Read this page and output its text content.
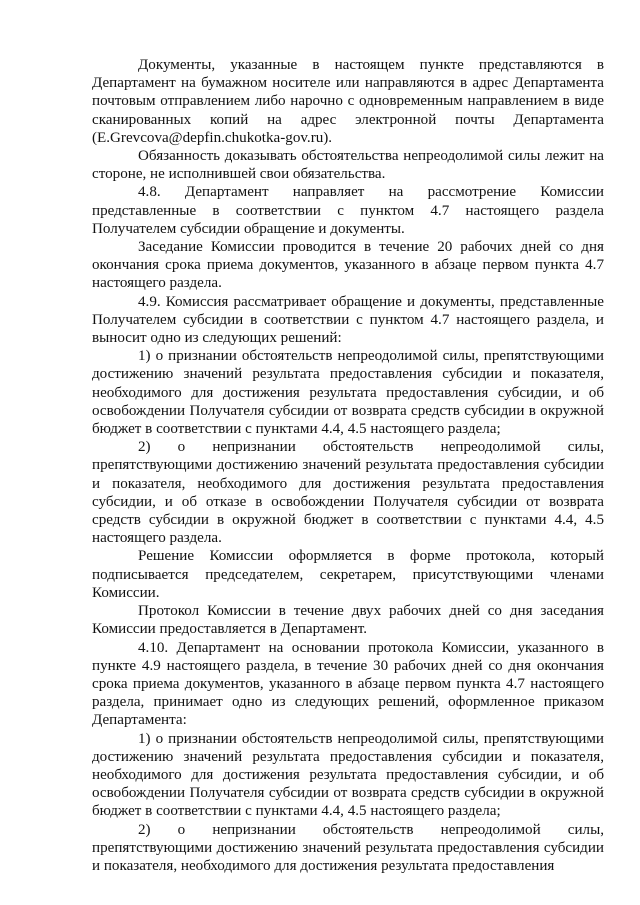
Документы, указанные в настоящем пункте представляются в Департамент на бумажном носителе или направляются в адрес Департамента почтовым отправлением либо нарочно с одновременным направлением в виде сканированных копий на адрес электронной почты Департамента (E.Grevcova@depfin.chukotka-gov.ru).

Обязанность доказывать обстоятельства непреодолимой силы лежит на стороне, не исполнившей свои обязательства.

4.8. Департамент направляет на рассмотрение Комиссии представленные в соответствии с пунктом 4.7 настоящего раздела Получателем субсидии обращение и документы.

Заседание Комиссии проводится в течение 20 рабочих дней со дня окончания срока приема документов, указанного в абзаце первом пункта 4.7 настоящего раздела.

4.9. Комиссия рассматривает обращение и документы, представленные Получателем субсидии в соответствии с пунктом 4.7 настоящего раздела, и выносит одно из следующих решений:

1) о признании обстоятельств непреодолимой силы, препятствующими достижению значений результата предоставления субсидии и показателя, необходимого для достижения результата предоставления субсидии, и об освобождении Получателя субсидии от возврата средств субсидии в окружной бюджет в соответствии с пунктами 4.4, 4.5 настоящего раздела;

2) о непризнании обстоятельств непреодолимой силы, препятствующими достижению значений результата предоставления субсидии и показателя, необходимого для достижения результата предоставления субсидии, и об отказе в освобождении Получателя субсидии от возврата средств субсидии в окружной бюджет в соответствии с пунктами 4.4, 4.5 настоящего раздела.

Решение Комиссии оформляется в форме протокола, который подписывается председателем, секретарем, присутствующими членами Комиссии.

Протокол Комиссии в течение двух рабочих дней со дня заседания Комиссии предоставляется в Департамент.

4.10. Департамент на основании протокола Комиссии, указанного в пункте 4.9 настоящего раздела, в течение 30 рабочих дней со дня окончания срока приема документов, указанного в абзаце первом пункта 4.7 настоящего раздела, принимает одно из следующих решений, оформленное приказом Департамента:

1) о признании обстоятельств непреодолимой силы, препятствующими достижению значений результата предоставления субсидии и показателя, необходимого для достижения результата предоставления субсидии, и об освобождении Получателя субсидии от возврата средств субсидии в окружной бюджет в соответствии с пунктами 4.4, 4.5 настоящего раздела;

2) о непризнании обстоятельств непреодолимой силы, препятствующими достижению значений результата предоставления субсидии и показателя, необходимого для достижения результата предоставления
